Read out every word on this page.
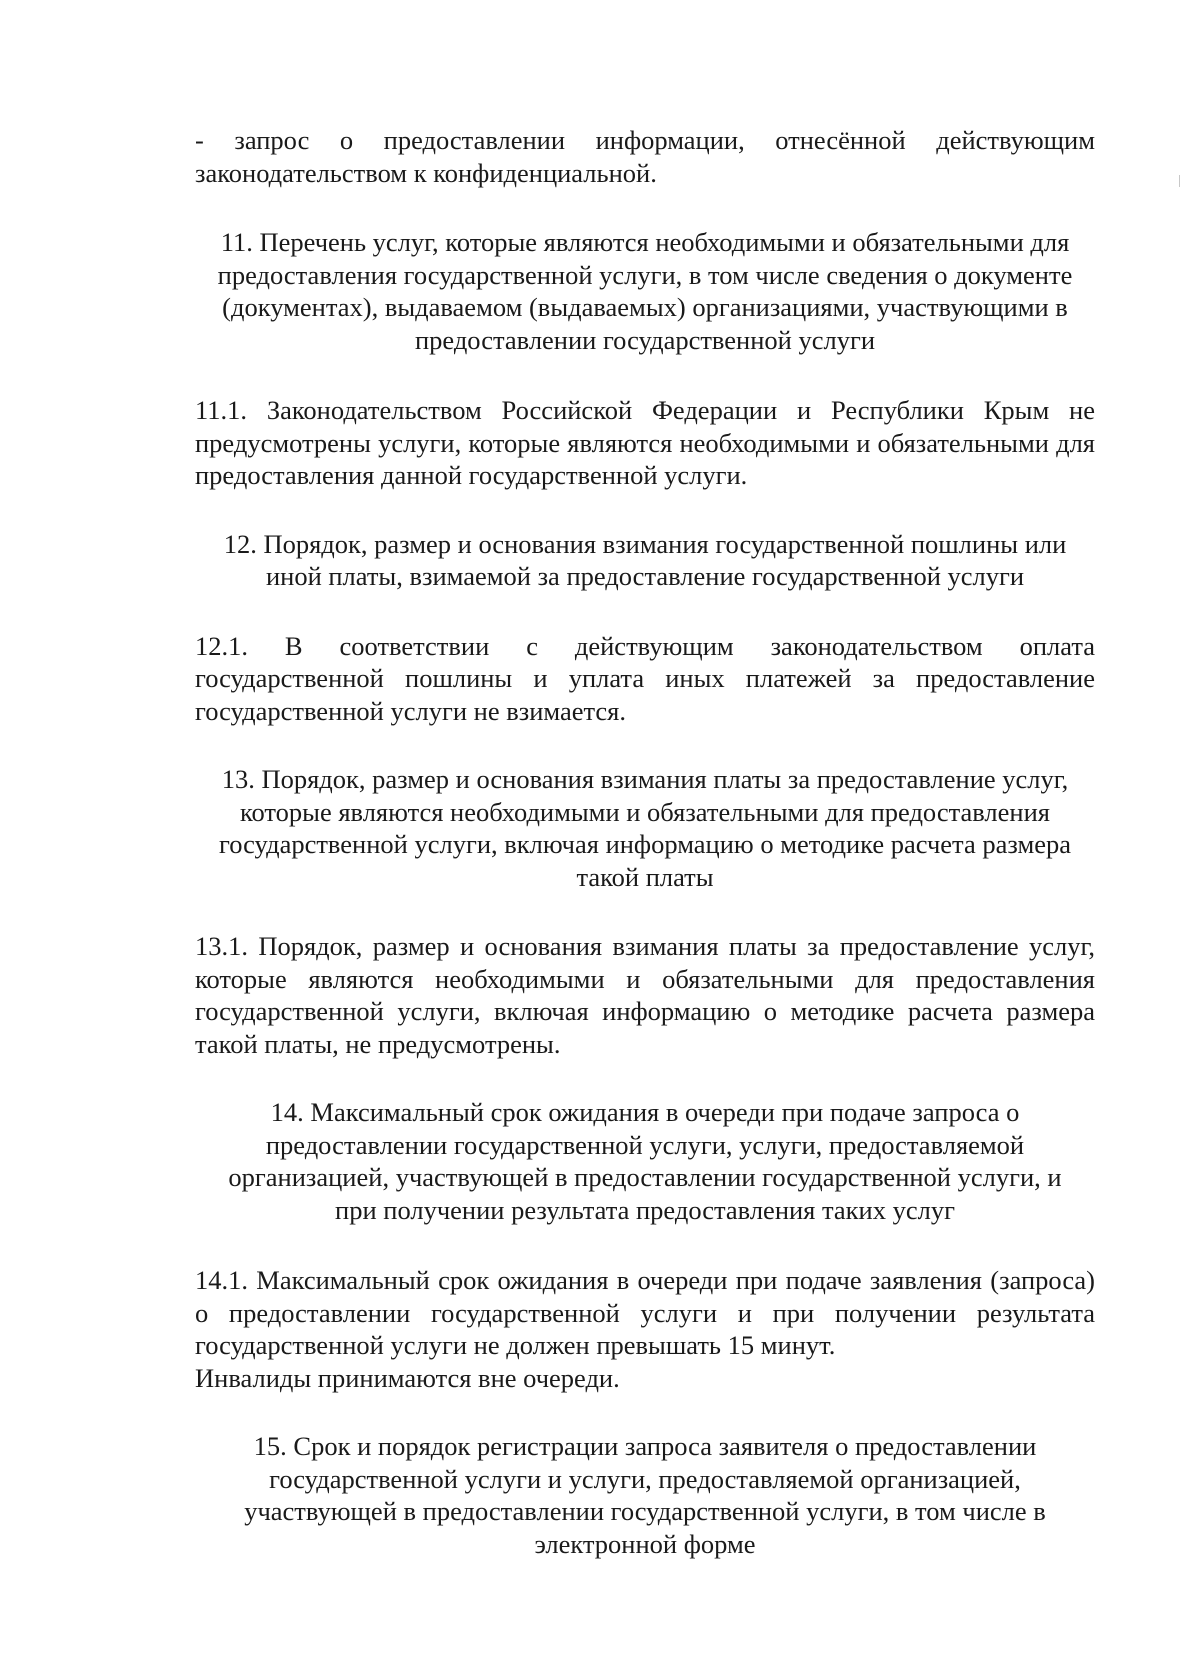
- запрос о предоставлении информации, отнесённой действующим законодательством к конфиденциальной.

11. Перечень услуг, которые являются необходимыми и обязательными для предоставления государственной услуги, в том числе сведения о документе (документах), выдаваемом (выдаваемых) организациями, участвующими в предоставлении государственной услуги

11.1. Законодательством Российской Федерации и Республики Крым не предусмотрены услуги, которые являются необходимыми и обязательными для предоставления данной государственной услуги.

12. Порядок, размер и основания взимания государственной пошлины или иной платы, взимаемой за предоставление государственной услуги

12.1. В соответствии с действующим законодательством оплата государственной пошлины и уплата иных платежей за предоставление государственной услуги не взимается.

13. Порядок, размер и основания взимания платы за предоставление услуг, которые являются необходимыми и обязательными для предоставления государственной услуги, включая информацию о методике расчета размера такой платы

13.1. Порядок, размер и основания взимания платы за предоставление услуг, которые являются необходимыми и обязательными для предоставления государственной услуги, включая информацию о методике расчета размера такой платы, не предусмотрены.

14. Максимальный срок ожидания в очереди при подаче запроса о предоставлении государственной услуги, услуги, предоставляемой организацией, участвующей в предоставлении государственной услуги, и при получении результата предоставления таких услуг

14.1. Максимальный срок ожидания в очереди при подаче заявления (запроса) о предоставлении государственной услуги и при получении результата государственной услуги не должен превышать 15 минут.

Инвалиды принимаются вне очереди.

15. Срок и порядок регистрации запроса заявителя о предоставлении государственной услуги и услуги, предоставляемой организацией, участвующей в предоставлении государственной услуги, в том числе в электронной форме
